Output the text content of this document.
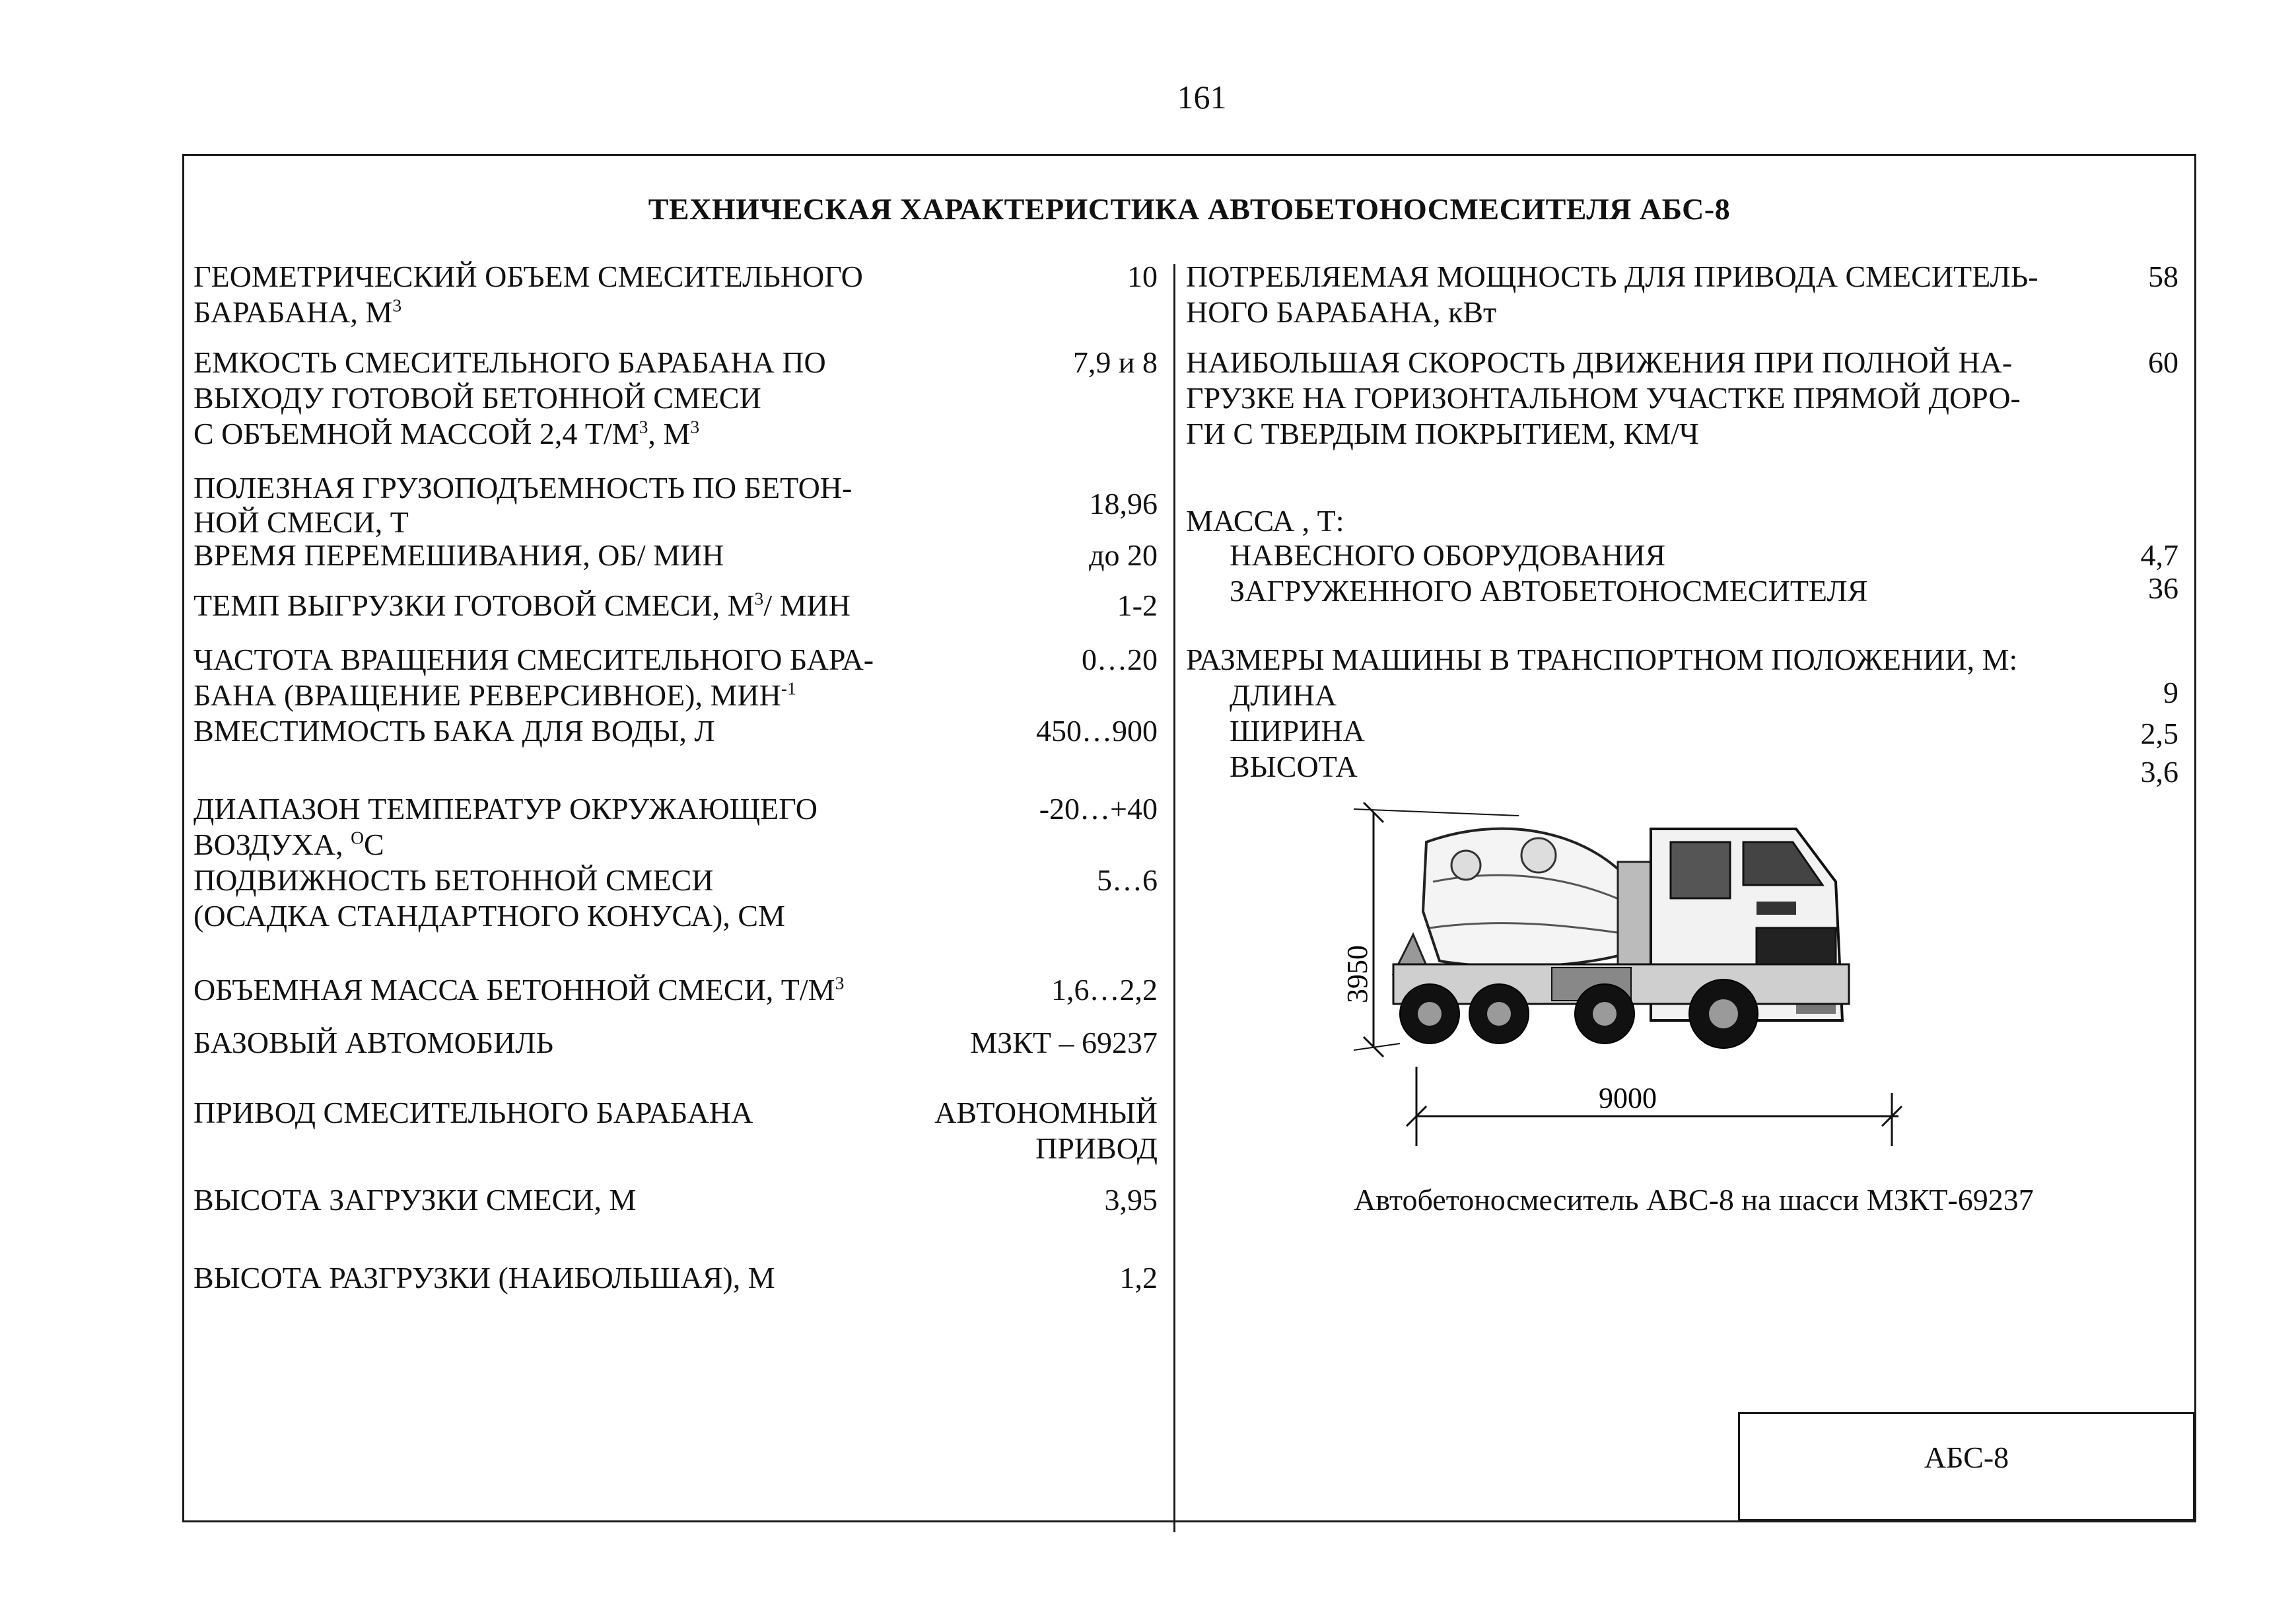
161
ТЕХНИЧЕСКАЯ ХАРАКТЕРИСТИКА АВТОБЕТОНОСМЕСИТЕЛЯ АБС-8
ГЕОМЕТРИЧЕСКИЙ ОБЪЕМ СМЕСИТЕЛЬНОГО
БАРАБАНА, $М^3$
10
ЕМКОСТЬ СМЕСИТЕЛЬНОГО БАРАБАНА ПО
ВЫХОДУ ГОТОВОЙ БЕТОННОЙ СМЕСИ
С ОБЪЕМНОЙ МАССОЙ 2,4 $Т/М^3$, $М^3$
7,9 и 8
ПОЛЕЗНАЯ ГРУЗОПОДЪЕМНОСТЬ ПО БЕТОН-
НОЙ СМЕСИ, Т
18,96
ВРЕМЯ ПЕРЕМЕШИВАНИЯ, ОБ/ МИН	до 20
ТЕМП ВЫГРУЗКИ ГОТОВОЙ СМЕСИ, $М^3/$ МИН	1-2
ЧАСТОТА ВРАЩЕНИЯ СМЕСИТЕЛЬНОГО БАРА-
БАНА (ВРАЩЕНИЕ РЕВЕРСИВНОЕ), $МИН^{-1}$
0…20
ВМЕСТИМОСТЬ БАКА ДЛЯ ВОДЫ, Л	450…900
ДИАПАЗОН ТЕМПЕРАТУР ОКРУЖАЮЩЕГО
ВОЗДУХА, $^О$С
-20…+40
ПОДВИЖНОСТЬ БЕТОННОЙ СМЕСИ
(ОСАДКА СТАНДАРТНОГО КОНУСА), СМ
5…6
ОБЪЕМНАЯ МАССА БЕТОННОЙ СМЕСИ, $Т/М^3$	1,6…2,2
БАЗОВЫЙ АВТОМОБИЛЬ	МЗКТ – 69237
ПРИВОД СМЕСИТЕЛЬНОГО БАРАБАНА	АВТОНОМНЫЙ
ПРИВОД
ВЫСОТА ЗАГРУЗКИ СМЕСИ, М	3,95
ВЫСОТА РАЗГРУЗКИ (НАИБОЛЬШАЯ), М	1,2
ПОТРЕБЛЯЕМАЯ МОЩНОСТЬ ДЛЯ ПРИВОДА СМЕСИТЕЛЬ-
НОГО БАРАБАНА, кВт
58
НАИБОЛЬШАЯ СКОРОСТЬ ДВИЖЕНИЯ ПРИ ПОЛНОЙ НА-
ГРУЗКЕ НА ГОРИЗОНТАЛЬНОМ УЧАСТКЕ ПРЯМОЙ ДОРО-
ГИ С ТВЕРДЫМ ПОКРЫТИЕМ, КМ/Ч
60
МАССА , Т:
НАВЕСНОГО ОБОРУДОВАНИЯ	4,7
ЗАГРУЖЕННОГО АВТОБЕТОНОСМЕСИТЕЛЯ	36
РАЗМЕРЫ МАШИНЫ В ТРАНСПОРТНОМ ПОЛОЖЕНИИ, М:
ДЛИНА	9
ШИРИНА	2,5
ВЫСОТА	3,6
3950
9000
Автобетоносмеситель АВС-8 на шасси МЗКТ-69237
АБС-8
